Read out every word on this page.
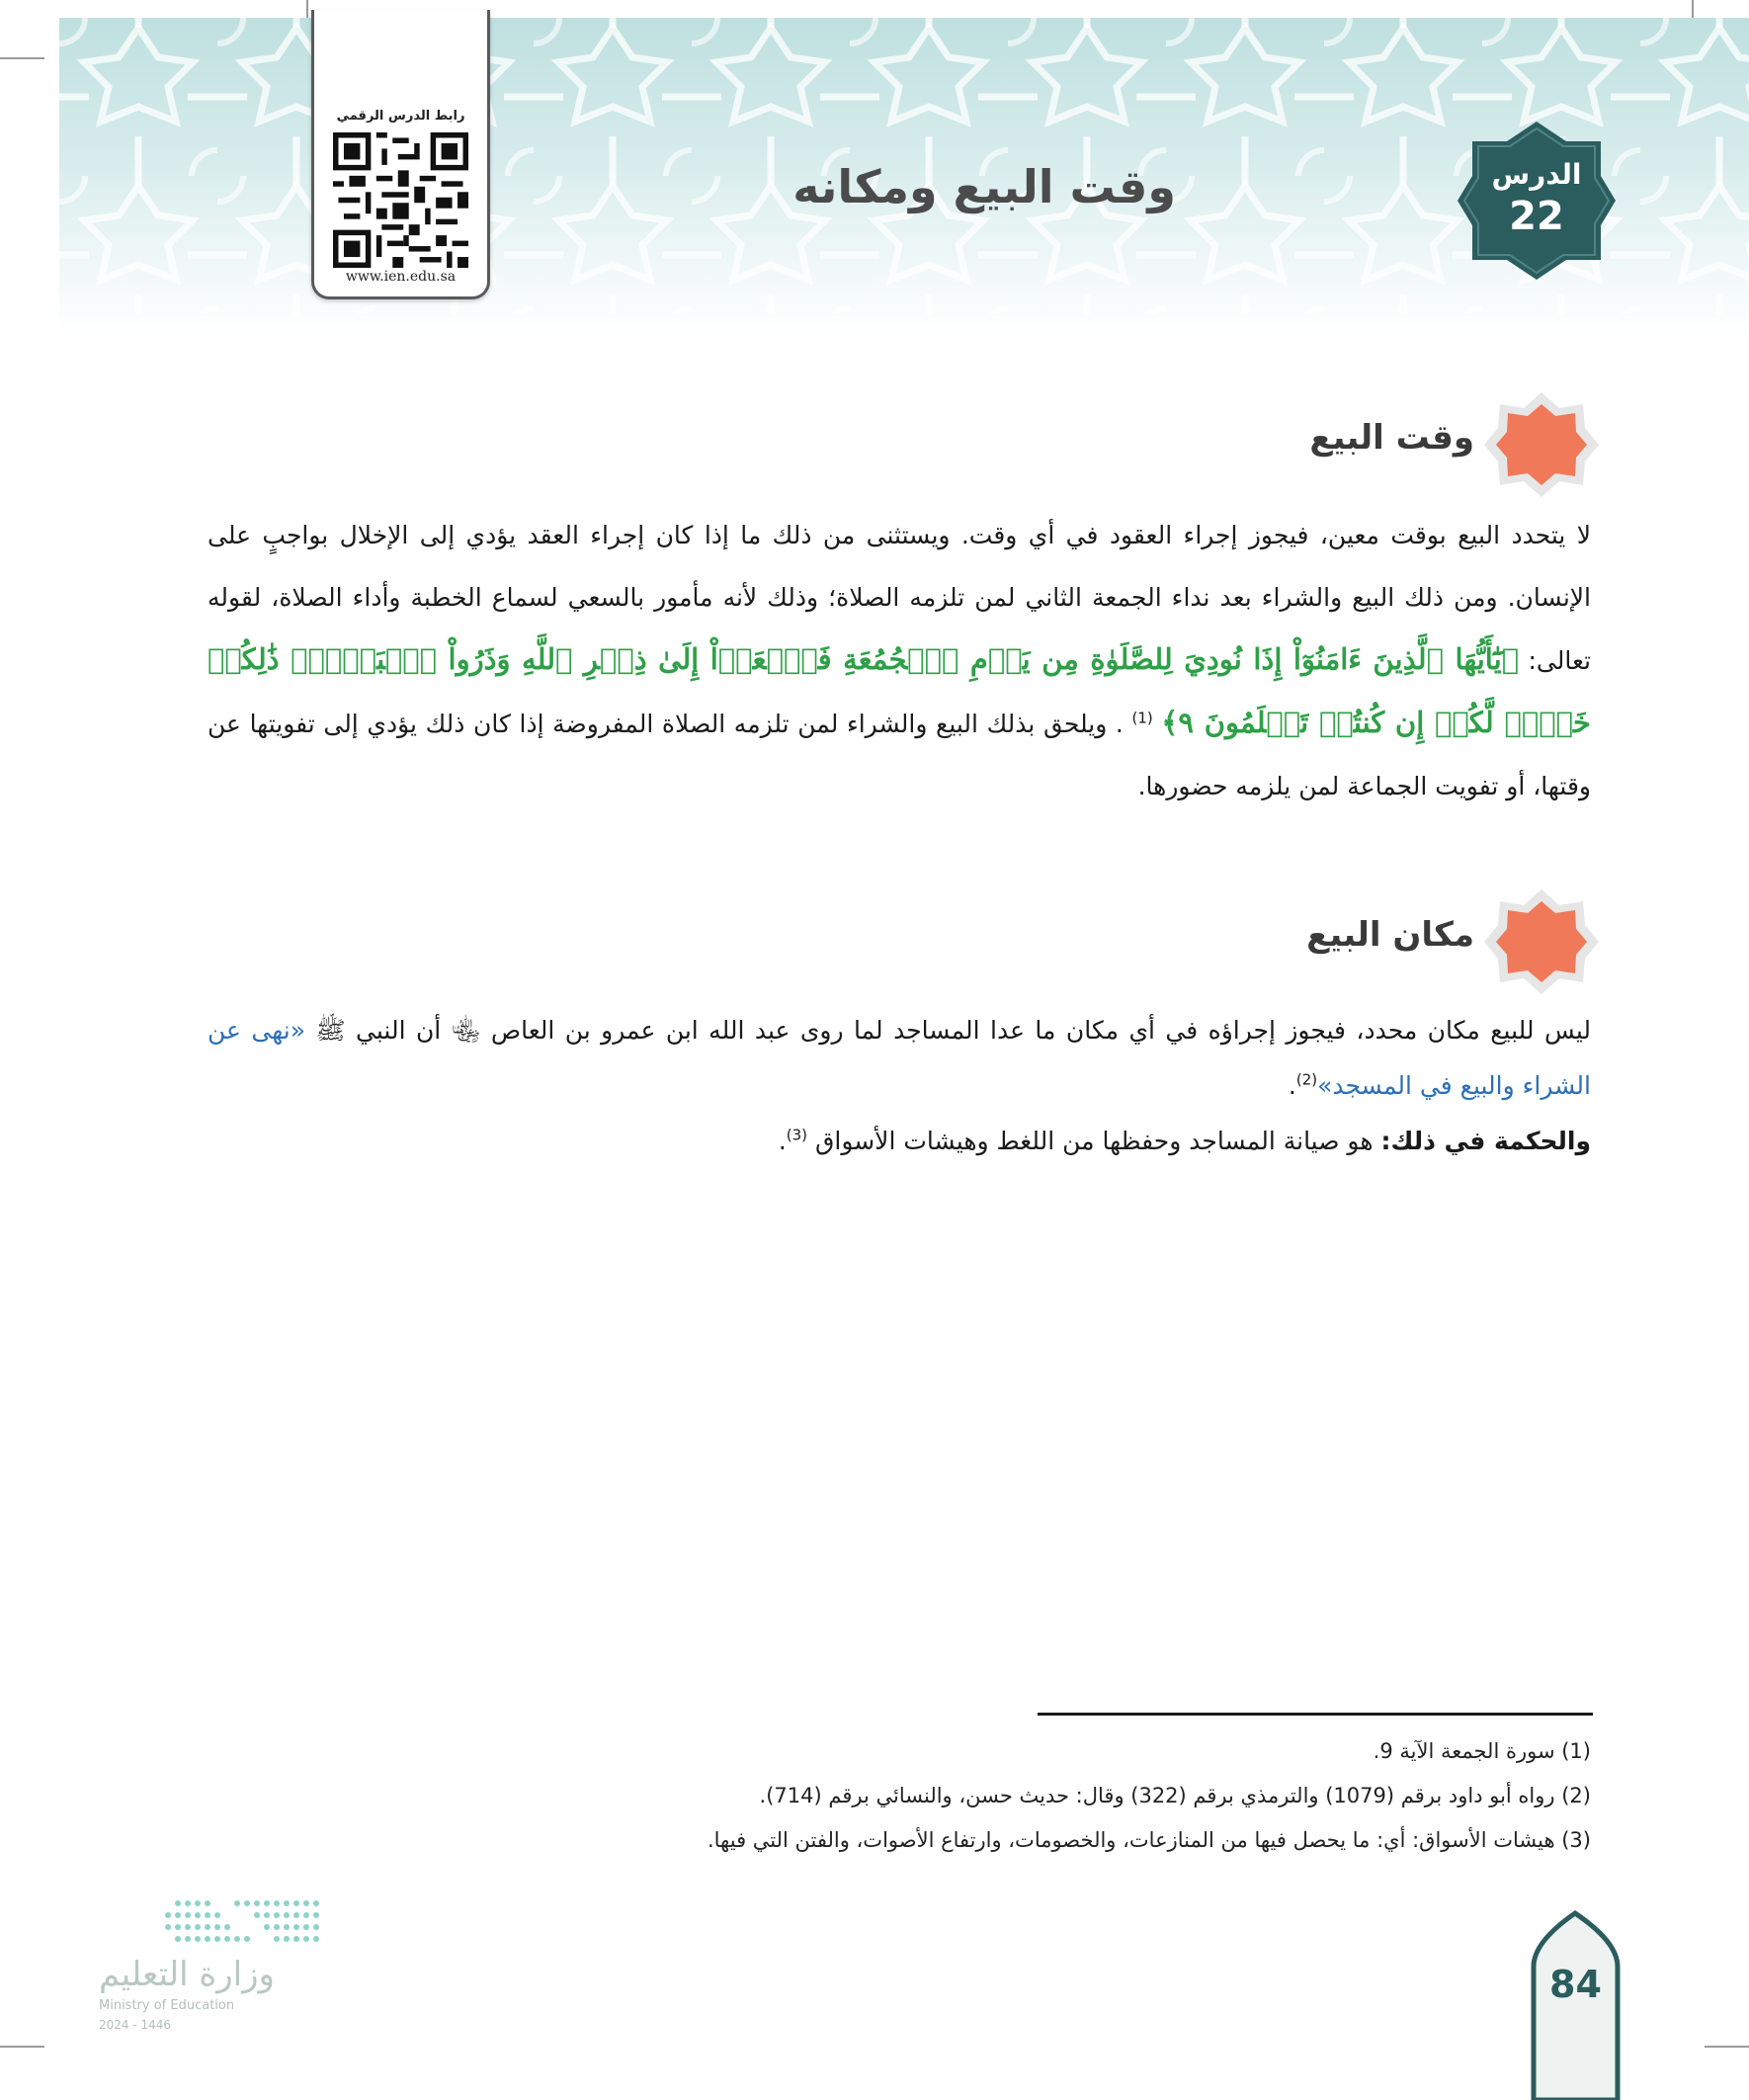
رابط الدرس الرقمي
www.ien.edu.sa
وقت البيع ومكانه	الدرس
22
وقت البيع

لا يتحدد البيع بوقت معين، فيجوز إجراء العقود في أي وقت. ويستثنى من ذلك ما إذا كان إجراء العقد يؤدي إلى الإخلال بواجبٍ على الإنسان. ومن ذلك البيع والشراء بعد نداء الجمعة الثاني لمن تلزمه الصلاة؛ وذلك لأنه مأمور بالسعي لسماع الخطبة وأداء الصلاة، لقوله تعالى: ﴿يَٰٓأَيُّهَا ٱلَّذِينَ ءَامَنُوٓاْ إِذَا نُودِيَ لِلصَّلَوٰةِ مِن يَوۡمِ ٱلۡجُمُعَةِ فَٱسۡعَوۡاْ إِلَىٰ ذِكۡرِ ٱللَّهِ وَذَرُواْ ٱلۡبَيۡعَۚ ذَٰلِكُمۡ خَيۡرٞ لَّكُمۡ إِن كُنتُمۡ تَعۡلَمُونَ ٩﴾ $^{(1)}$ . ويلحق بذلك البيع والشراء لمن تلزمه الصلاة المفروضة إذا كان ذلك يؤدي إلى تفويتها عن وقتها، أو تفويت الجماعة لمن يلزمه حضورها.

مكان البيع

ليس للبيع مكان محدد، فيجوز إجراؤه في أي مكان ما عدا المساجد لما روى عبد الله ابن عمرو بن العاص ﵄ أن النبي ﷺ «نهى عن الشراء والبيع في المسجد»$^{(2)}$.

والحكمة في ذلك: هو صيانة المساجد وحفظها من اللغط وهيشات الأسواق $^{(3)}$.

(1) سورة الجمعة الآية 9.
(2) رواه أبو داود برقم (1079) والترمذي برقم (322) وقال: حديث حسن، والنسائي برقم (714).
(3) هيشات الأسواق: أي: ما يحصل فيها من المنازعات، والخصومات، وارتفاع الأصوات، والفتن التي فيها.
وزارة التعليم
Ministry of Education
2024 - 1446
84
